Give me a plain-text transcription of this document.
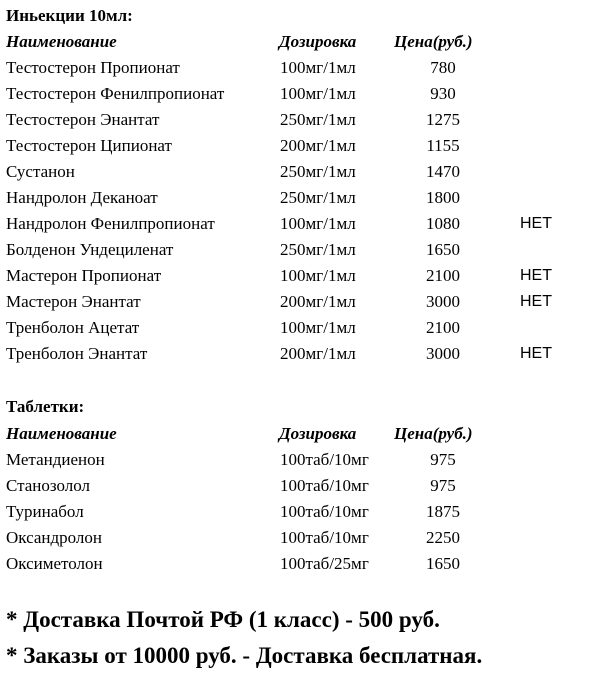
Иньекции 10мл:
Наименование	Дозировка Цена(руб.)
Тестостерон Пропионат	100мг/1мл	780
Тестостерон Фенилпропионат	100мг/1мл	930
Тестостерон Энантат	250мг/1мл	1275
Тестостерон Ципионат	200мг/1мл	1155
Сустанон	250мг/1мл	1470
Нандролон Деканоат	250мг/1мл	1800
Нандролон Фенилпропионат	100мг/1мл	1080	НЕТ
Болденон Ундециленат	250мг/1мл	1650
Мастерон Пропионат	100мг/1мл	2100	НЕТ
Мастерон Энантат	200мг/1мл	3000	НЕТ
Тренболон Ацетат	100мг/1мл	2100
Тренболон Энантат	200мг/1мл	3000	НЕТ
Таблетки:
Наименование	Дозировка Цена(руб.)
Метандиенон	100таб/10мг	975
Станозолол	100таб/10мг	975
Туринабол	100таб/10мг	1875
Оксандролон	100таб/10мг	2250
Оксиметолон	100таб/25мг	1650
* Доставка Почтой РФ (1 класс) - 500 руб.
* Заказы от 10000 руб. - Доставка бесплатная.
